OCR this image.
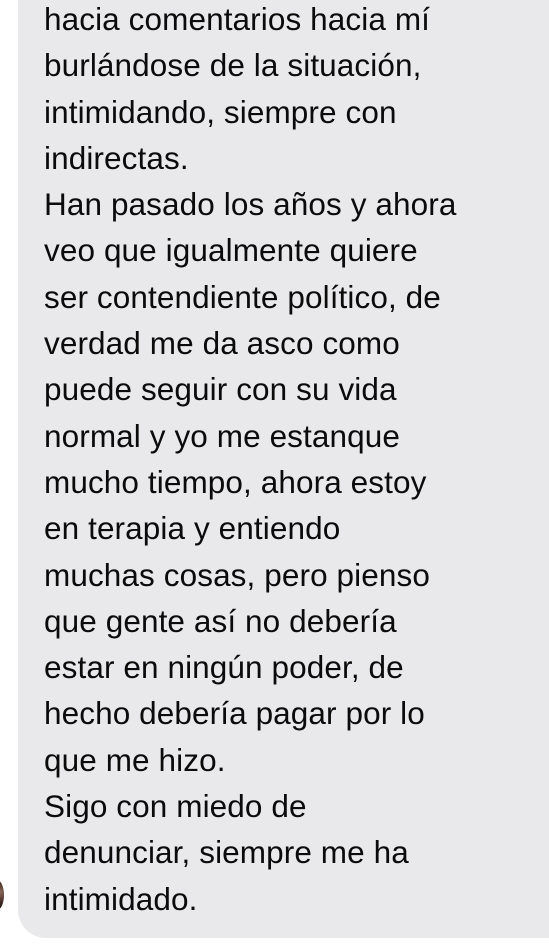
hacia comentarios hacia mí
burlándose de la situación,
intimidando, siempre con
indirectas.
Han pasado los años y ahora
veo que igualmente quiere
ser contendiente político, de
verdad me da asco como
puede seguir con su vida
normal y yo me estanque
mucho tiempo, ahora estoy
en terapia y entiendo
muchas cosas, pero pienso
que gente así no debería
estar en ningún poder, de
hecho debería pagar por lo
que me hizo.
Sigo con miedo de
denunciar, siempre me ha
intimidado.
